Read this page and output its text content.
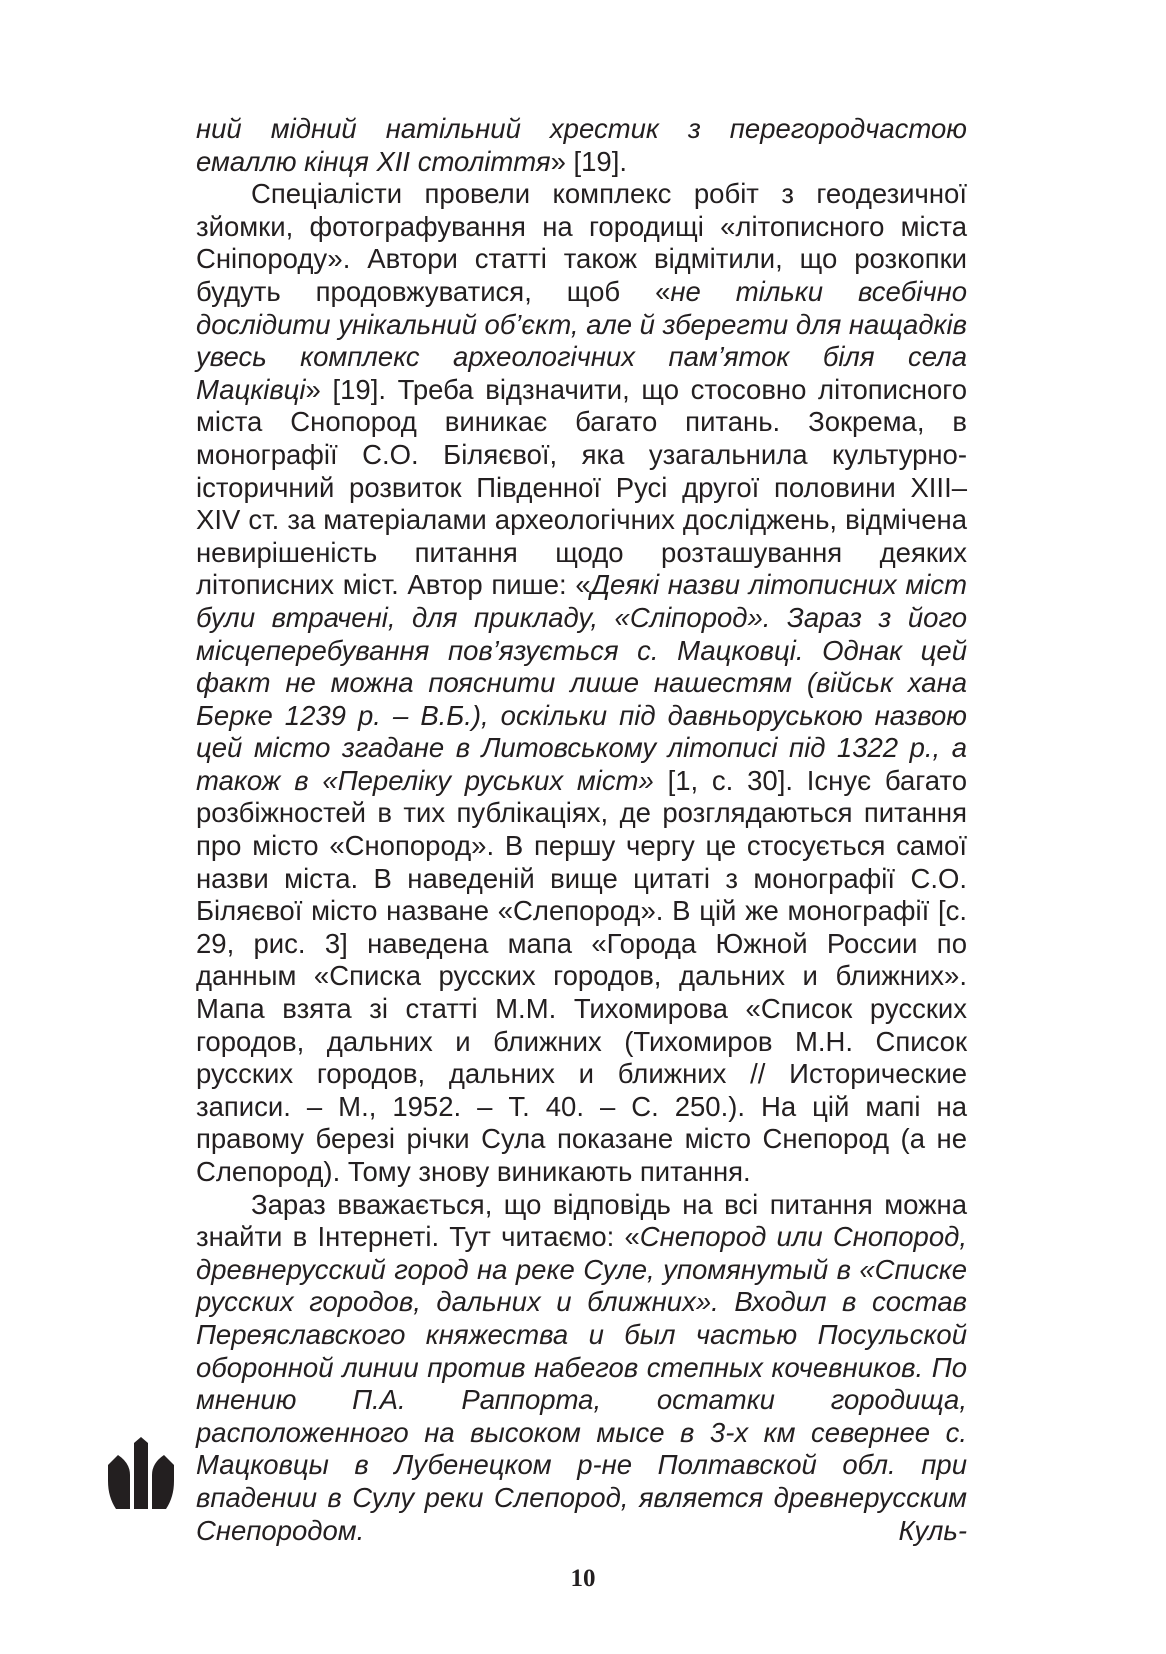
ний мідний натільний хрестик з перегородчастою емаллю кінця XII століття» [19].

Спеціалісти провели комплекс робіт з геодезичної зйомки, фотографування на городищі «літописного міста Сніпороду». Автори статті також відмітили, що розкопки будуть продовжуватися, щоб «не тільки всебічно дослідити унікальний об’єкт, але й зберегти для нащадків увесь комплекс археологічних пам’яток біля села Мацківці» [19]. Треба відзначити, що стосовно літописного міста Снопород виникає багато питань. Зокрема, в монографії С.О. Біляєвої, яка узагальнила культурно-історичний розвиток Південної Русі другої половини XIII–XIV ст. за матеріалами археологічних досліджень, відмічена невирішеність питання щодо розташування деяких літописних міст. Автор пише: «Деякі назви літописних міст були втрачені, для прикладу, «Сліпород». Зараз з його місцеперебування пов’язується с. Мацковці. Однак цей факт не можна пояснити лише нашестям (військ хана Берке 1239 р. – В.Б.), оскільки під давньоруською назвою цей місто згадане в Литовському літописі під 1322 р., а також в «Переліку руських міст» [1, с. 30]. Існує багато розбіжностей в тих публікаціях, де розглядаються питання про місто «Снопород». В першу чергу це стосується самої назви міста. В наведеній вище цитаті з монографії С.О. Біляєвої місто назване «Слепород». В цій же монографії [с. 29, рис. 3] наведена мапа «Города Южной России по данным «Списка русских городов, дальних и ближних». Мапа взята зі статті М.М. Тихомирова «Список русских городов, дальних и ближних (Тихомиров М.Н. Список русских городов, дальних и ближних // Исторические записи. – М., 1952. – Т. 40. – С. 250.). На цій мапі на правому березі річки Сула показане місто Снепород (а не Слепород). Тому знову виникають питання.

Зараз вважається, що відповідь на всі питання можна знайти в Інтернеті. Тут читаємо: «Снепород или Снопород, древнерусский город на реке Суле, упомянутый в «Списке русских городов, дальних и ближних». Входил в состав Переяславского княжества и был частью Посульской оборонной линии против набегов степных кочевников. По мнению П.А. Раппорта, остатки городища, расположенного на высоком мысе в 3-х км севернее с. Мацковцы в Лубенецком р-не Полтавской обл. при впадении в Сулу реки Слепород, является древнерусским Снепородом. Куль-

10
